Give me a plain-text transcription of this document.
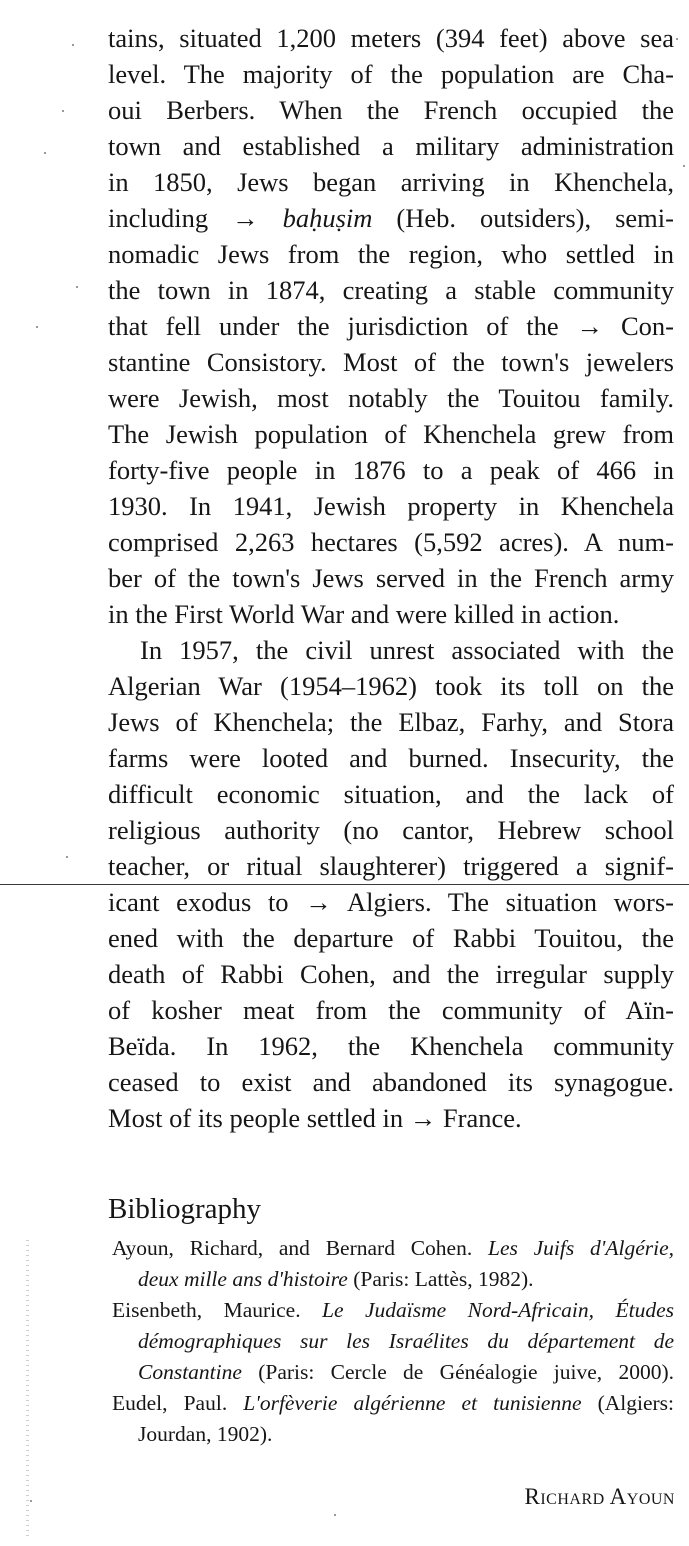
tains, situated 1,200 meters (394 feet) above sea
level. The majority of the population are Cha-
oui Berbers. When the French occupied the
town and established a military administration
in 1850, Jews began arriving in Khenchela,
including → baḥuṣim (Heb. outsiders), semi-
nomadic Jews from the region, who settled in
the town in 1874, creating a stable community
that fell under the jurisdiction of the → Con-
stantine Consistory. Most of the town's jewelers
were Jewish, most notably the Touitou family.
The Jewish population of Khenchela grew from
forty-five people in 1876 to a peak of 466 in
1930. In 1941, Jewish property in Khenchela
comprised 2,263 hectares (5,592 acres). A num-
ber of the town's Jews served in the French army
in the First World War and were killed in action.
In 1957, the civil unrest associated with the
Algerian War (1954–1962) took its toll on the
Jews of Khenchela; the Elbaz, Farhy, and Stora
farms were looted and burned. Insecurity, the
difficult economic situation, and the lack of
religious authority (no cantor, Hebrew school
teacher, or ritual slaughterer) triggered a signif-
icant exodus to → Algiers. The situation wors-
ened with the departure of Rabbi Touitou, the
death of Rabbi Cohen, and the irregular supply
of kosher meat from the community of Aïn-
Beïda. In 1962, the Khenchela community
ceased to exist and abandoned its synagogue.
Most of its people settled in → France.
Bibliography
Ayoun, Richard, and Bernard Cohen. Les Juifs d'Algérie,
deux mille ans d'histoire (Paris: Lattès, 1982).
Eisenbeth, Maurice. Le Judaïsme Nord-Africain, Études
démographiques sur les Israélites du département de
Constantine (Paris: Cercle de Généalogie juive, 2000).
Eudel, Paul. L'orfèverie algérienne et tunisienne (Algiers:
Jourdan, 1902).
Richard Ayoun
